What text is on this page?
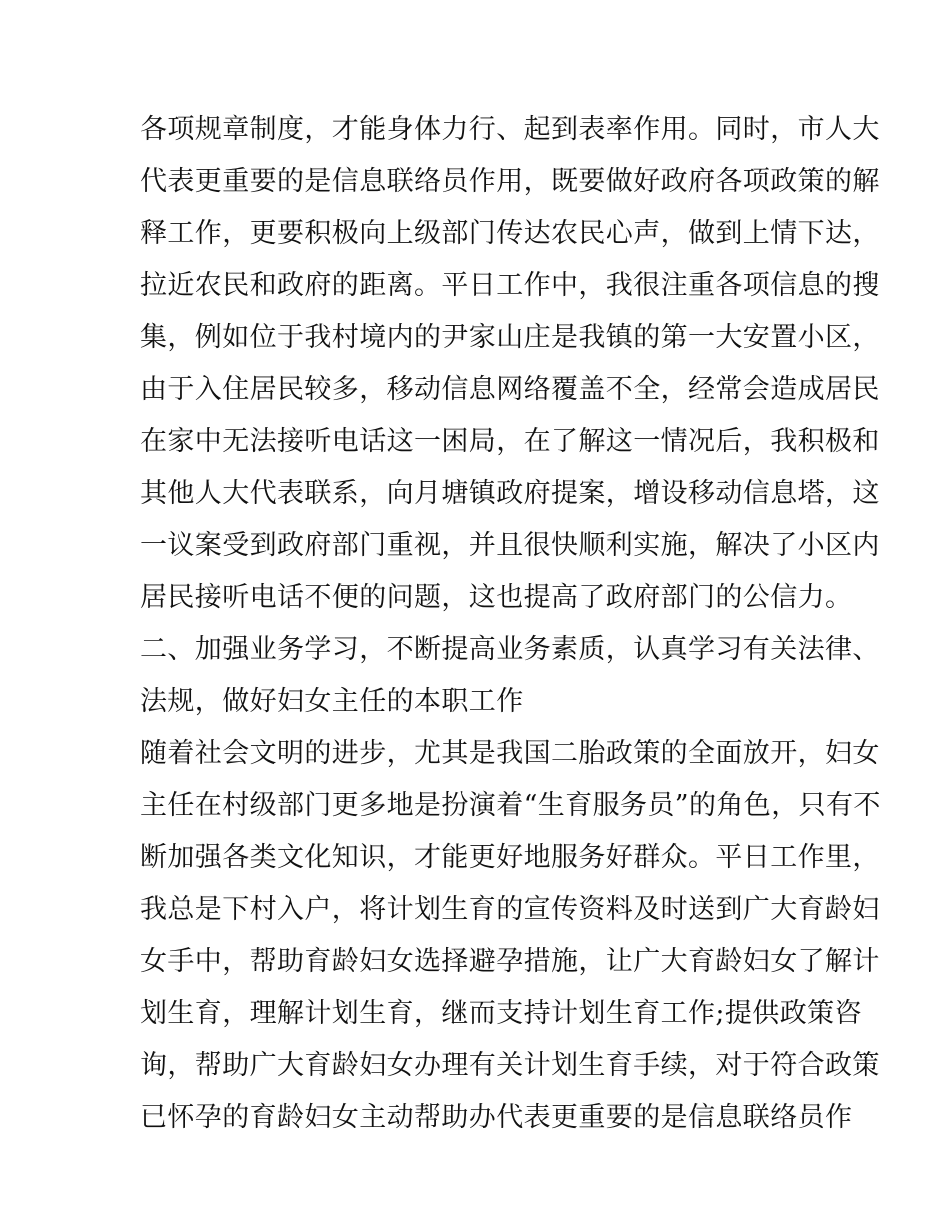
各项规章制度，才能身体力行、起到表率作用。同时，市人大
代表更重要的是信息联络员作用，既要做好政府各项政策的解
释工作，更要积极向上级部门传达农民心声，做到上情下达，
拉近农民和政府的距离。平日工作中，我很注重各项信息的搜
集，例如位于我村境内的尹家山庄是我镇的第一大安置小区，
由于入住居民较多，移动信息网络覆盖不全，经常会造成居民
在家中无法接听电话这一困局，在了解这一情况后，我积极和
其他人大代表联系，向月塘镇政府提案，增设移动信息塔，这
一议案受到政府部门重视，并且很快顺利实施，解决了小区内
居民接听电话不便的问题，这也提高了政府部门的公信力。
二、加强业务学习，不断提高业务素质，认真学习有关法律、
法规，做好妇女主任的本职工作
随着社会文明的进步，尤其是我国二胎政策的全面放开，妇女
主任在村级部门更多地是扮演着“生育服务员”的角色，只有不
断加强各类文化知识，才能更好地服务好群众。平日工作里，
我总是下村入户，将计划生育的宣传资料及时送到广大育龄妇
女手中，帮助育龄妇女选择避孕措施，让广大育龄妇女了解计
划生育，理解计划生育，继而支持计划生育工作;提供政策咨
询，帮助广大育龄妇女办理有关计划生育手续，对于符合政策
已怀孕的育龄妇女主动帮助办代表更重要的是信息联络员作
